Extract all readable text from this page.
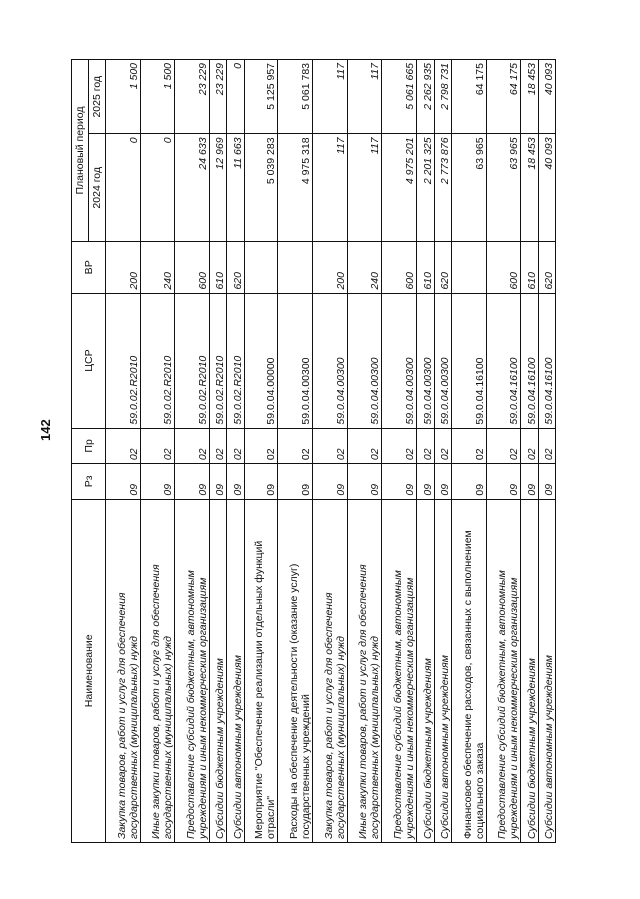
142
Наименование	Рз	Пр	ЦСР	ВР	Плановый период	
					2024 год	2025 год
Закупка товаров, работ и услуг для обеспечения государственных (муниципальных) нужд	09	02	59.0.02.R2010	200	0	1 500
Иные закупки товаров, работ и услуг для обеспечения государственных (муниципальных) нужд	09	02	59.0.02.R2010	240	0	1 500
Предоставление субсидий бюджетным, автономным учреждениям и иным некоммерческим организациям	09	02	59.0.02.R2010	600	24 633	23 229
Субсидии бюджетным учреждениям	09	02	59.0.02.R2010	610	12 969	23 229
Субсидии автономным учреждениям	09	02	59.0.02.R2010	620	11 663	0
Мероприятие "Обеспечение реализации отдельных функций отрасли"	09	02	59.0.04.00000		5 039 283	5 125 957
Расходы на обеспечение деятельности (оказание услуг) государственных учреждений	09	02	59.0.04.00300		4 975 318	5 061 783
Закупка товаров, работ и услуг для обеспечения государственных (муниципальных) нужд	09	02	59.0.04.00300	200	117	117
Иные закупки товаров, работ и услуг для обеспечения государственных (муниципальных) нужд	09	02	59.0.04.00300	240	117	117
Предоставление субсидий бюджетным, автономным учреждениям и иным некоммерческим организациям	09	02	59.0.04.00300	600	4 975 201	5 061 665
Субсидии бюджетным учреждениям	09	02	59.0.04.00300	610	2 201 325	2 262 935
Субсидии автономным учреждениям	09	02	59.0.04.00300	620	2 773 876	2 798 731
Финансовое обеспечение расходов, связанных с выполнением социального заказа	09	02	59.0.04.16100		63 965	64 175
Предоставление субсидий бюджетным, автономным учреждениям и иным некоммерческим организациям	09	02	59.0.04.16100	600	63 965	64 175
Субсидии бюджетным учреждениям	09	02	59.0.04.16100	610	18 453	18 453
Субсидии автономным учреждениям	09	02	59.0.04.16100	620	40 093	40 093
